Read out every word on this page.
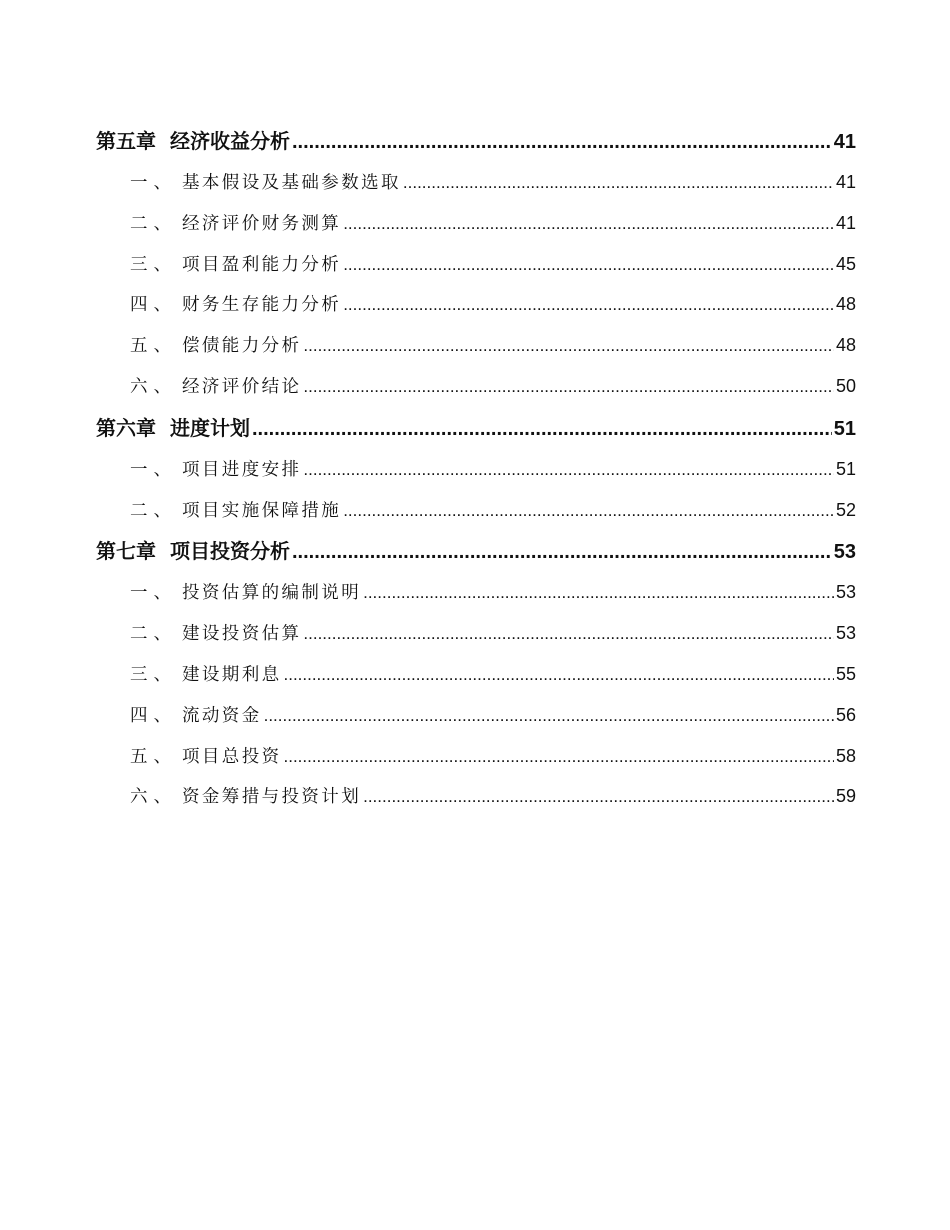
第五章 经济收益分析 .....	41
一、 基本假设及基础参数选取 .....	41
二、 经济评价财务测算 .....	41
三、 项目盈利能力分析 .....	45
四、 财务生存能力分析 .....	48
五、 偿债能力分析 .....	48
六、 经济评价结论 .....	50
第六章 进度计划 .....	51
一、 项目进度安排 .....	51
二、 项目实施保障措施 .....	52
第七章 项目投资分析 .....	53
一、 投资估算的编制说明 .....	53
二、 建设投资估算 .....	53
三、 建设期利息 .....	55
四、 流动资金 .....	56
五、 项目总投资 .....	58
六、 资金筹措与投资计划 .....	59
